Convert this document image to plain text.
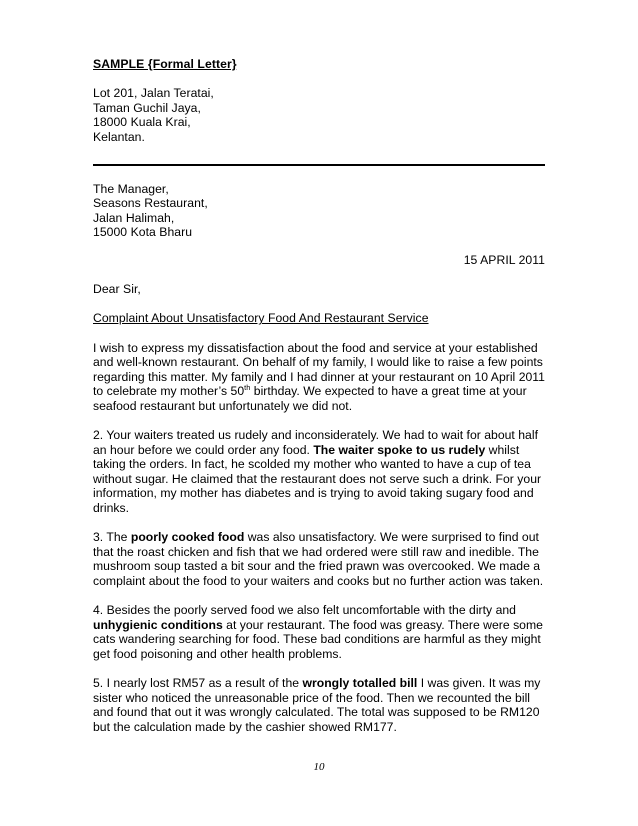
SAMPLE {Formal Letter}
Lot 201, Jalan Teratai,
Taman Guchil Jaya,
18000 Kuala Krai,
Kelantan.
The Manager,
Seasons Restaurant,
Jalan Halimah,
15000 Kota Bharu
15 APRIL 2011
Dear Sir,
Complaint About Unsatisfactory Food And Restaurant Service

I wish to express my dissatisfaction about the food and service at your established and well-known restaurant. On behalf of my family, I would like to raise a few points regarding this matter. My family and I had dinner at your restaurant on 10 April 2011 to celebrate my mother’s 50th birthday. We expected to have a great time at your seafood restaurant but unfortunately we did not.

2. Your waiters treated us rudely and inconsiderately. We had to wait for about half an hour before we could order any food. The waiter spoke to us rudely whilst taking the orders. In fact, he scolded my mother who wanted to have a cup of tea without sugar. He claimed that the restaurant does not serve such a drink. For your information, my mother has diabetes and is trying to avoid taking sugary food and drinks.

3. The poorly cooked food was also unsatisfactory. We were surprised to find out that the roast chicken and fish that we had ordered were still raw and inedible. The mushroom soup tasted a bit sour and the fried prawn was overcooked. We made a complaint about the food to your waiters and cooks but no further action was taken.

4. Besides the poorly served food we also felt uncomfortable with the dirty and unhygienic conditions at your restaurant. The food was greasy. There were some cats wandering searching for food. These bad conditions are harmful as they might get food poisoning and other health problems.

5. I nearly lost RM57 as a result of the wrongly totalled bill I was given. It was my sister who noticed the unreasonable price of the food. Then we recounted the bill and found that out it was wrongly calculated. The total was supposed to be RM120 but the calculation made by the cashier showed RM177.

10
